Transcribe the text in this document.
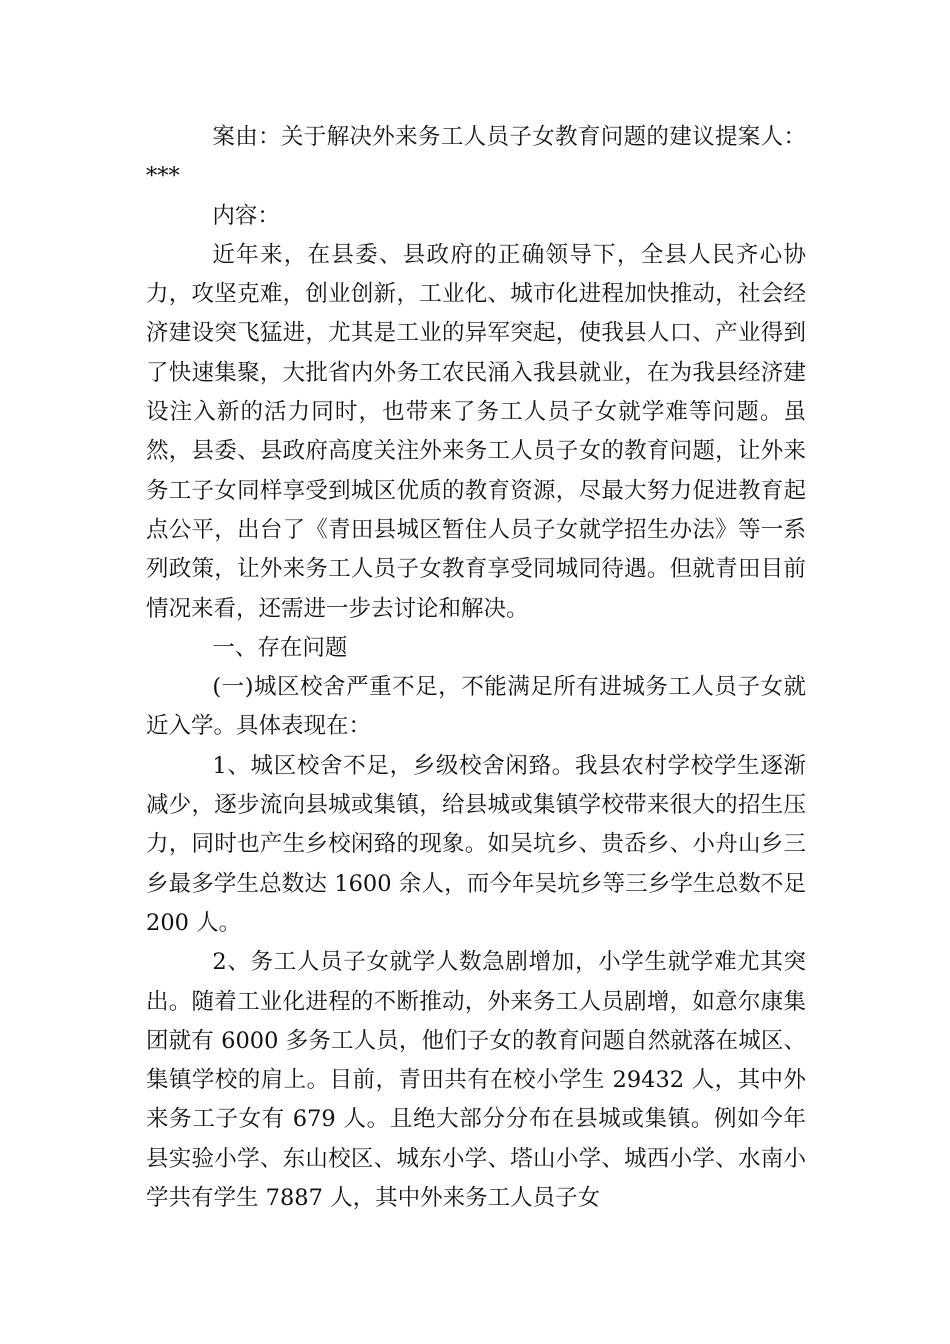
案由：关于解决外来务工人员子女教育问题的建议提案人：***

内容：

近年来，在县委、县政府的正确领导下，全县人民齐心协力，攻坚克难，创业创新，工业化、城市化进程加快推动，社会经济建设突飞猛进，尤其是工业的异军突起，使我县人口、产业得到了快速集聚，大批省内外务工农民涌入我县就业，在为我县经济建设注入新的活力同时，也带来了务工人员子女就学难等问题。虽然，县委、县政府高度关注外来务工人员子女的教育问题，让外来务工子女同样享受到城区优质的教育资源，尽最大努力促进教育起点公平，出台了《青田县城区暂住人员子女就学招生办法》等一系列政策，让外来务工人员子女教育享受同城同待遇。但就青田目前情况来看，还需进一步去讨论和解决。

一、存在问题

(一)城区校舍严重不足，不能满足所有进城务工人员子女就近入学。具体表现在：

1、城区校舍不足，乡级校舍闲臵。我县农村学校学生逐渐减少，逐步流向县城或集镇，给县城或集镇学校带来很大的招生压力，同时也产生乡校闲臵的现象。如吴坑乡、贵岙乡、小舟山乡三乡最多学生总数达 1600 余人，而今年吴坑乡等三乡学生总数不足 200 人。

2、务工人员子女就学人数急剧增加，小学生就学难尤其突出。随着工业化进程的不断推动，外来务工人员剧增，如意尔康集团就有 6000 多务工人员，他们子女的教育问题自然就落在城区、集镇学校的肩上。目前，青田共有在校小学生 29432 人，其中外来务工子女有 679 人。且绝大部分分布在县城或集镇。例如今年县实验小学、东山校区、城东小学、塔山小学、城西小学、水南小学共有学生 7887 人，其中外来务工人员子女
